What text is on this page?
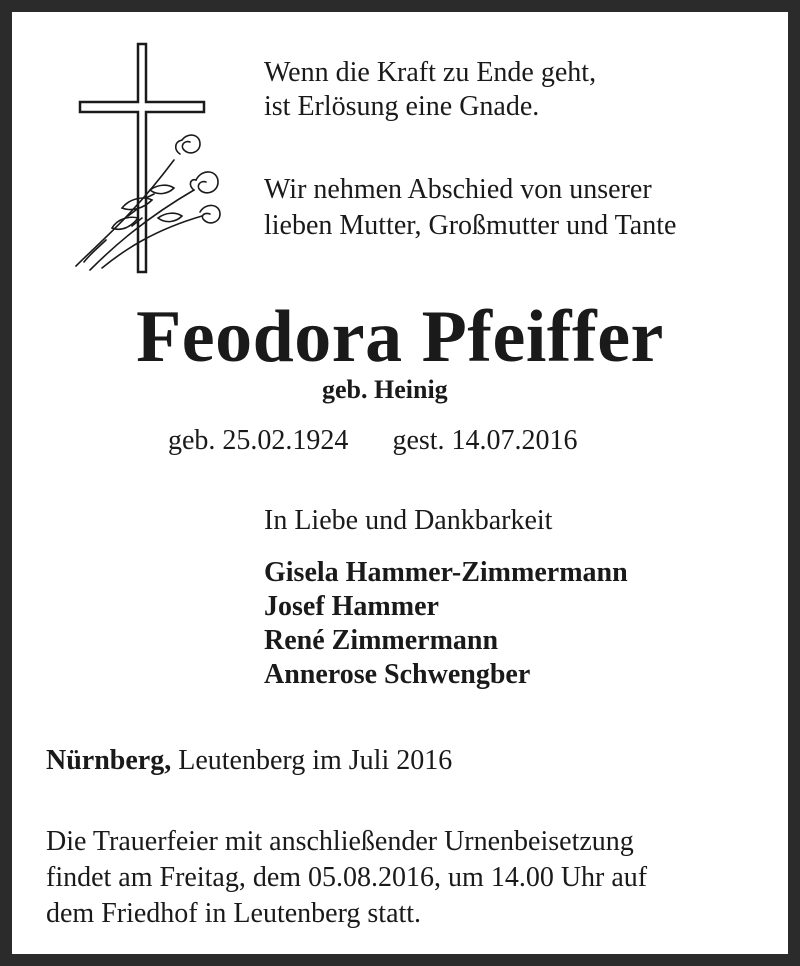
Wenn die Kraft zu Ende geht,
ist Erlösung eine Gnade.

Wir nehmen Abschied von unserer
lieben Mutter, Großmutter und Tante

Feodora Pfeiffer

geb. Heinig

geb. 25.02.1924 gest. 14.07.2016

In Liebe und Dankbarkeit

Gisela Hammer-Zimmermann
Josef Hammer
René Zimmermann
Annerose Schwengber

Nürnberg, Leutenberg im Juli 2016

Die Trauerfeier mit anschließender Urnenbeisetzung
findet am Freitag, dem 05.08.2016, um 14.00 Uhr auf
dem Friedhof in Leutenberg statt.
